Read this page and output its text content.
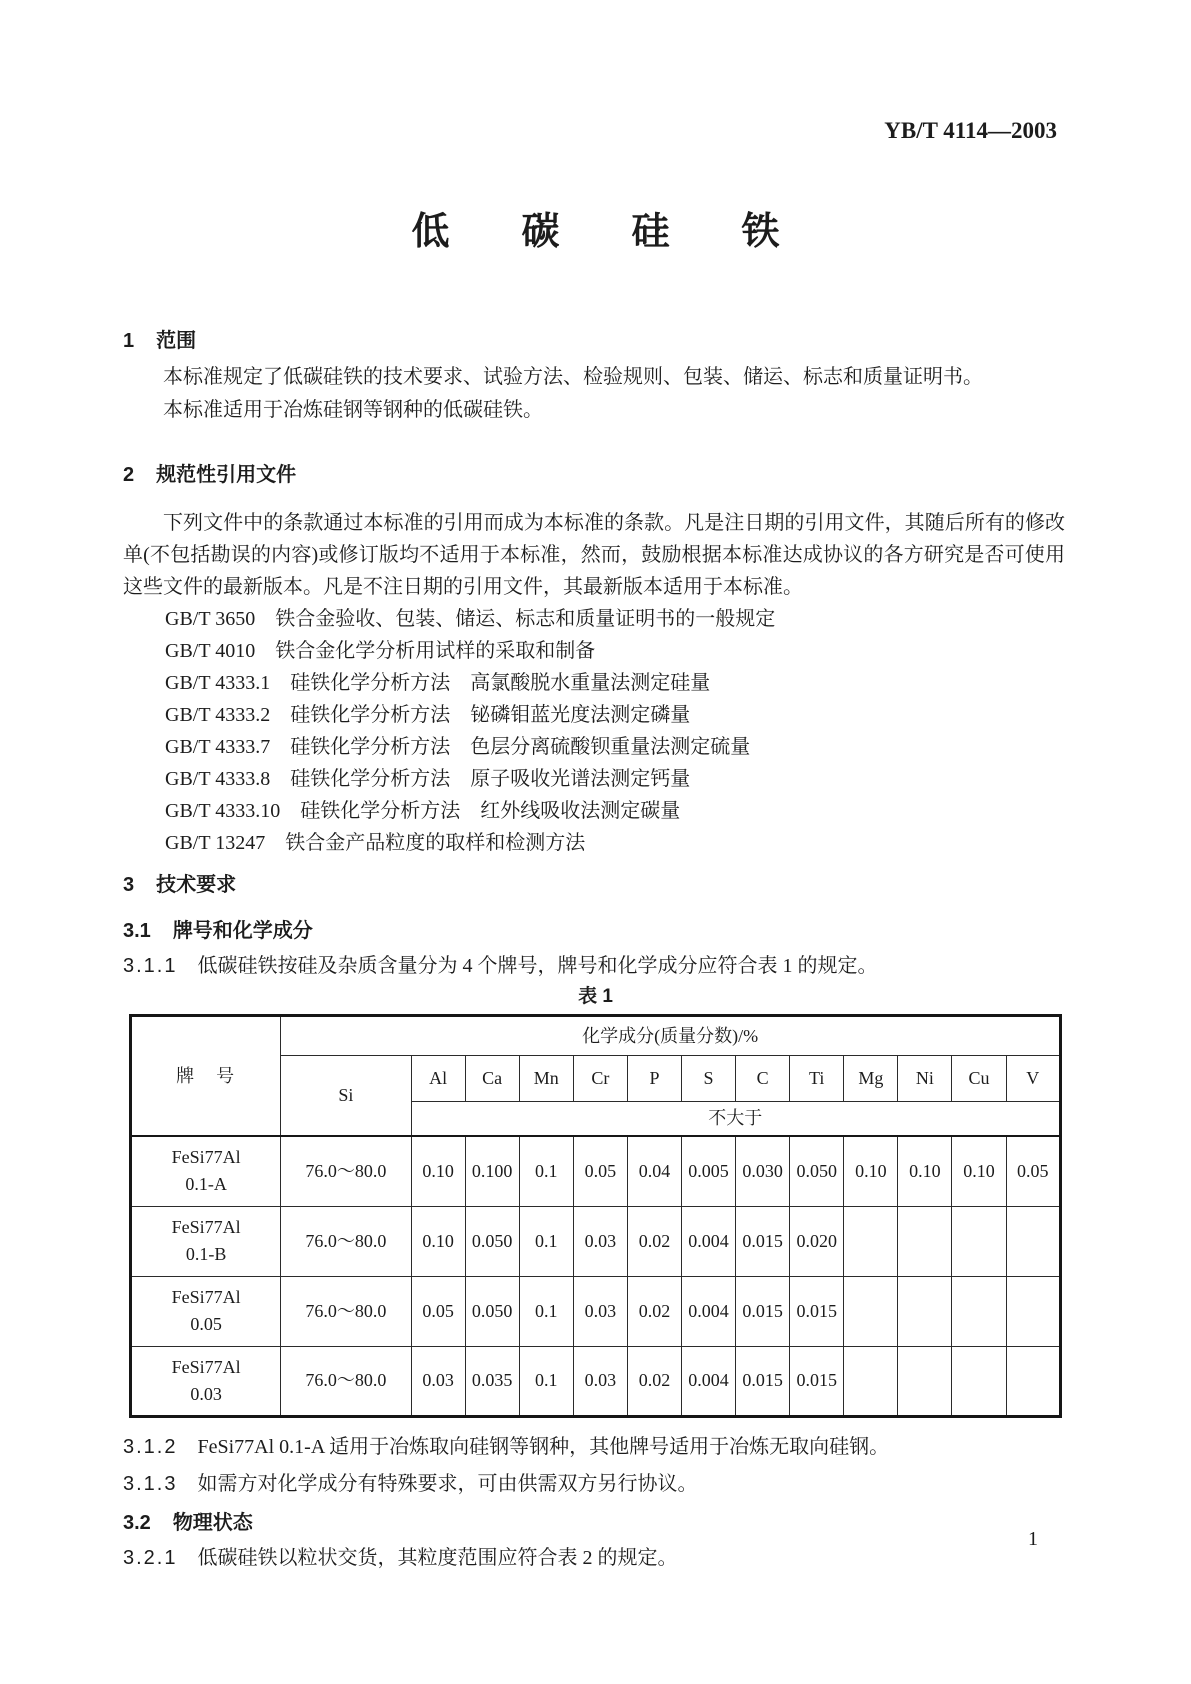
YB/T 4114—2003
低碳硅铁
1 范围

本标准规定了低碳硅铁的技术要求、试验方法、检验规则、包装、储运、标志和质量证明书。

本标准适用于冶炼硅钢等钢种的低碳硅铁。

2 规范性引用文件

下列文件中的条款通过本标准的引用而成为本标准的条款。凡是注日期的引用文件，其随后所有的修改单(不包括勘误的内容)或修订版均不适用于本标准，然而，鼓励根据本标准达成协议的各方研究是否可使用这些文件的最新版本。凡是不注日期的引用文件，其最新版本适用于本标准。

GB/T 3650　铁合金验收、包装、储运、标志和质量证明书的一般规定
GB/T 4010　铁合金化学分析用试样的采取和制备
GB/T 4333.1　硅铁化学分析方法　高氯酸脱水重量法测定硅量
GB/T 4333.2　硅铁化学分析方法　铋磷钼蓝光度法测定磷量
GB/T 4333.7　硅铁化学分析方法　色层分离硫酸钡重量法测定硫量
GB/T 4333.8　硅铁化学分析方法　原子吸收光谱法测定钙量
GB/T 4333.10　硅铁化学分析方法　红外线吸收法测定碳量
GB/T 13247　铁合金产品粒度的取样和检测方法
3 技术要求
3.1 牌号和化学成分

3.1.1 低碳硅铁按硅及杂质含量分为 4 个牌号，牌号和化学成分应符合表 1 的规定。

表 1
牌　号	化学成分(质量分数)/%												
	Si	Al	Ca	Mn	Cr	P	S	C	Ti	Mg	Ni	Cu	V
		不大于											

FeSi77Al
0.1-A	76.0～80.0	0.10	0.100	0.1	0.05	0.04	0.005	0.030	0.050	0.10	0.10	0.10	0.05

FeSi77Al
0.1-B	76.0～80.0	0.10	0.050	0.1	0.03	0.02	0.004	0.015	0.020				

FeSi77Al
0.05	76.0～80.0	0.05	0.050	0.1	0.03	0.02	0.004	0.015	0.015				

FeSi77Al
0.03	76.0～80.0	0.03	0.035	0.1	0.03	0.02	0.004	0.015	0.015				

3.1.2 FeSi77Al 0.1-A 适用于冶炼取向硅钢等钢种，其他牌号适用于冶炼无取向硅钢。

3.1.3 如需方对化学成分有特殊要求，可由供需双方另行协议。

3.2 物理状态

3.2.1 低碳硅铁以粒状交货，其粒度范围应符合表 2 的规定。

1
